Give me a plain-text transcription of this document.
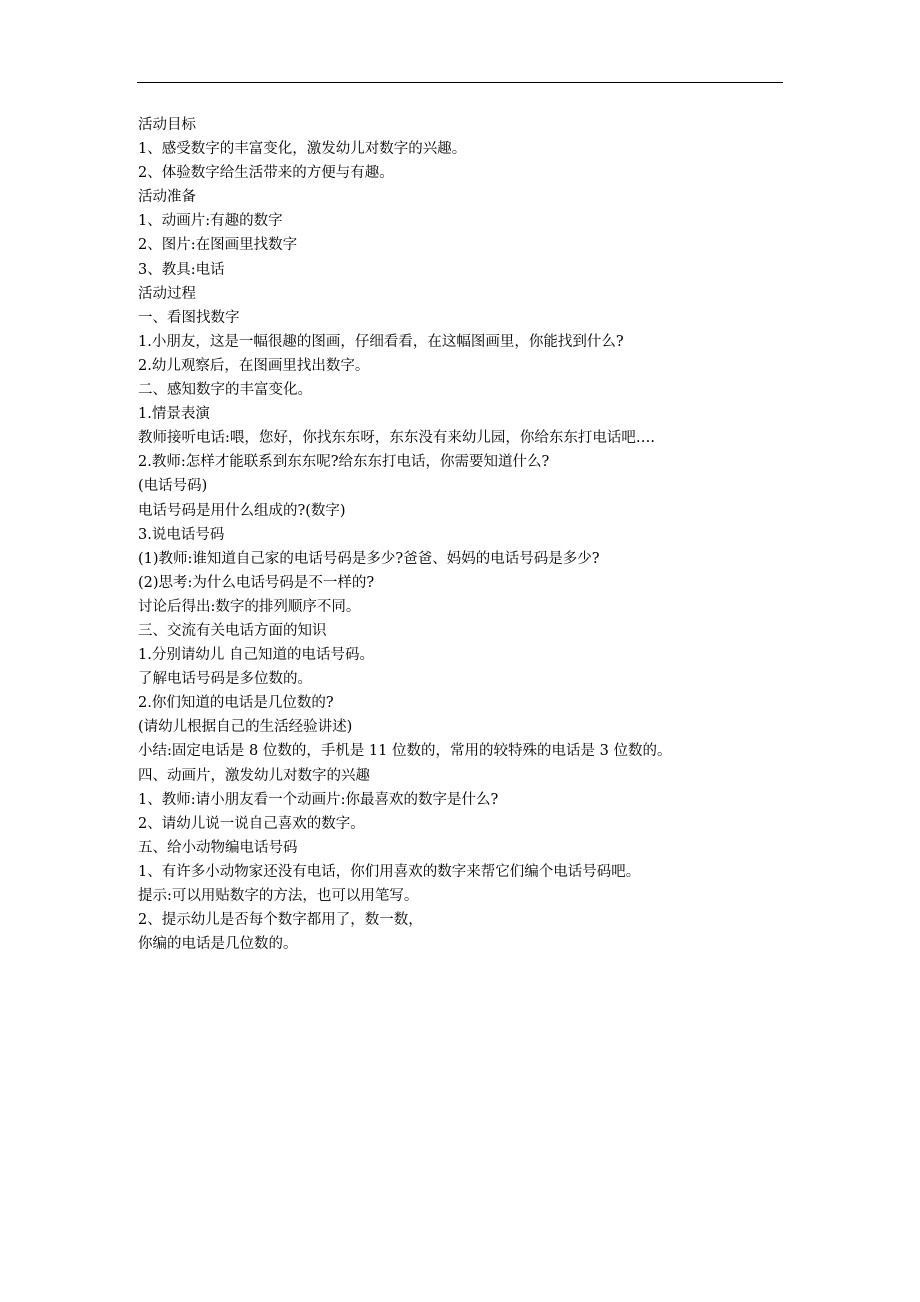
活动目标
1、感受数字的丰富变化，激发幼儿对数字的兴趣。
2、体验数字给生活带来的方便与有趣。
活动准备
1、动画片:有趣的数字
2、图片:在图画里找数字
3、教具:电话
活动过程
一、看图找数字
1.小朋友，这是一幅很趣的图画，仔细看看，在这幅图画里，你能找到什么?
2.幼儿观察后，在图画里找出数字。
二、感知数字的丰富变化。
1.情景表演
教师接听电话:喂，您好，你找东东呀，东东没有来幼儿园，你给东东打电话吧….
2.教师:怎样才能联系到东东呢?给东东打电话，你需要知道什么?
(电话号码)
电话号码是用什么组成的?(数字)
3.说电话号码
(1)教师:谁知道自己家的电话号码是多少?爸爸、妈妈的电话号码是多少?
(2)思考:为什么电话号码是不一样的?
讨论后得出:数字的排列顺序不同。
三、交流有关电话方面的知识
1.分别请幼儿 自己知道的电话号码。
了解电话号码是多位数的。
2.你们知道的电话是几位数的?
(请幼儿根据自己的生活经验讲述)
小结:固定电话是 8 位数的，手机是 11 位数的，常用的较特殊的电话是 3 位数的。
四、动画片，激发幼儿对数字的兴趣
1、教师:请小朋友看一个动画片:你最喜欢的数字是什么?
2、请幼儿说一说自己喜欢的数字。
五、给小动物编电话号码
1、有许多小动物家还没有电话，你们用喜欢的数字来帮它们编个电话号码吧。
提示:可以用贴数字的方法，也可以用笔写。
2、提示幼儿是否每个数字都用了，数一数，
你编的电话是几位数的。
